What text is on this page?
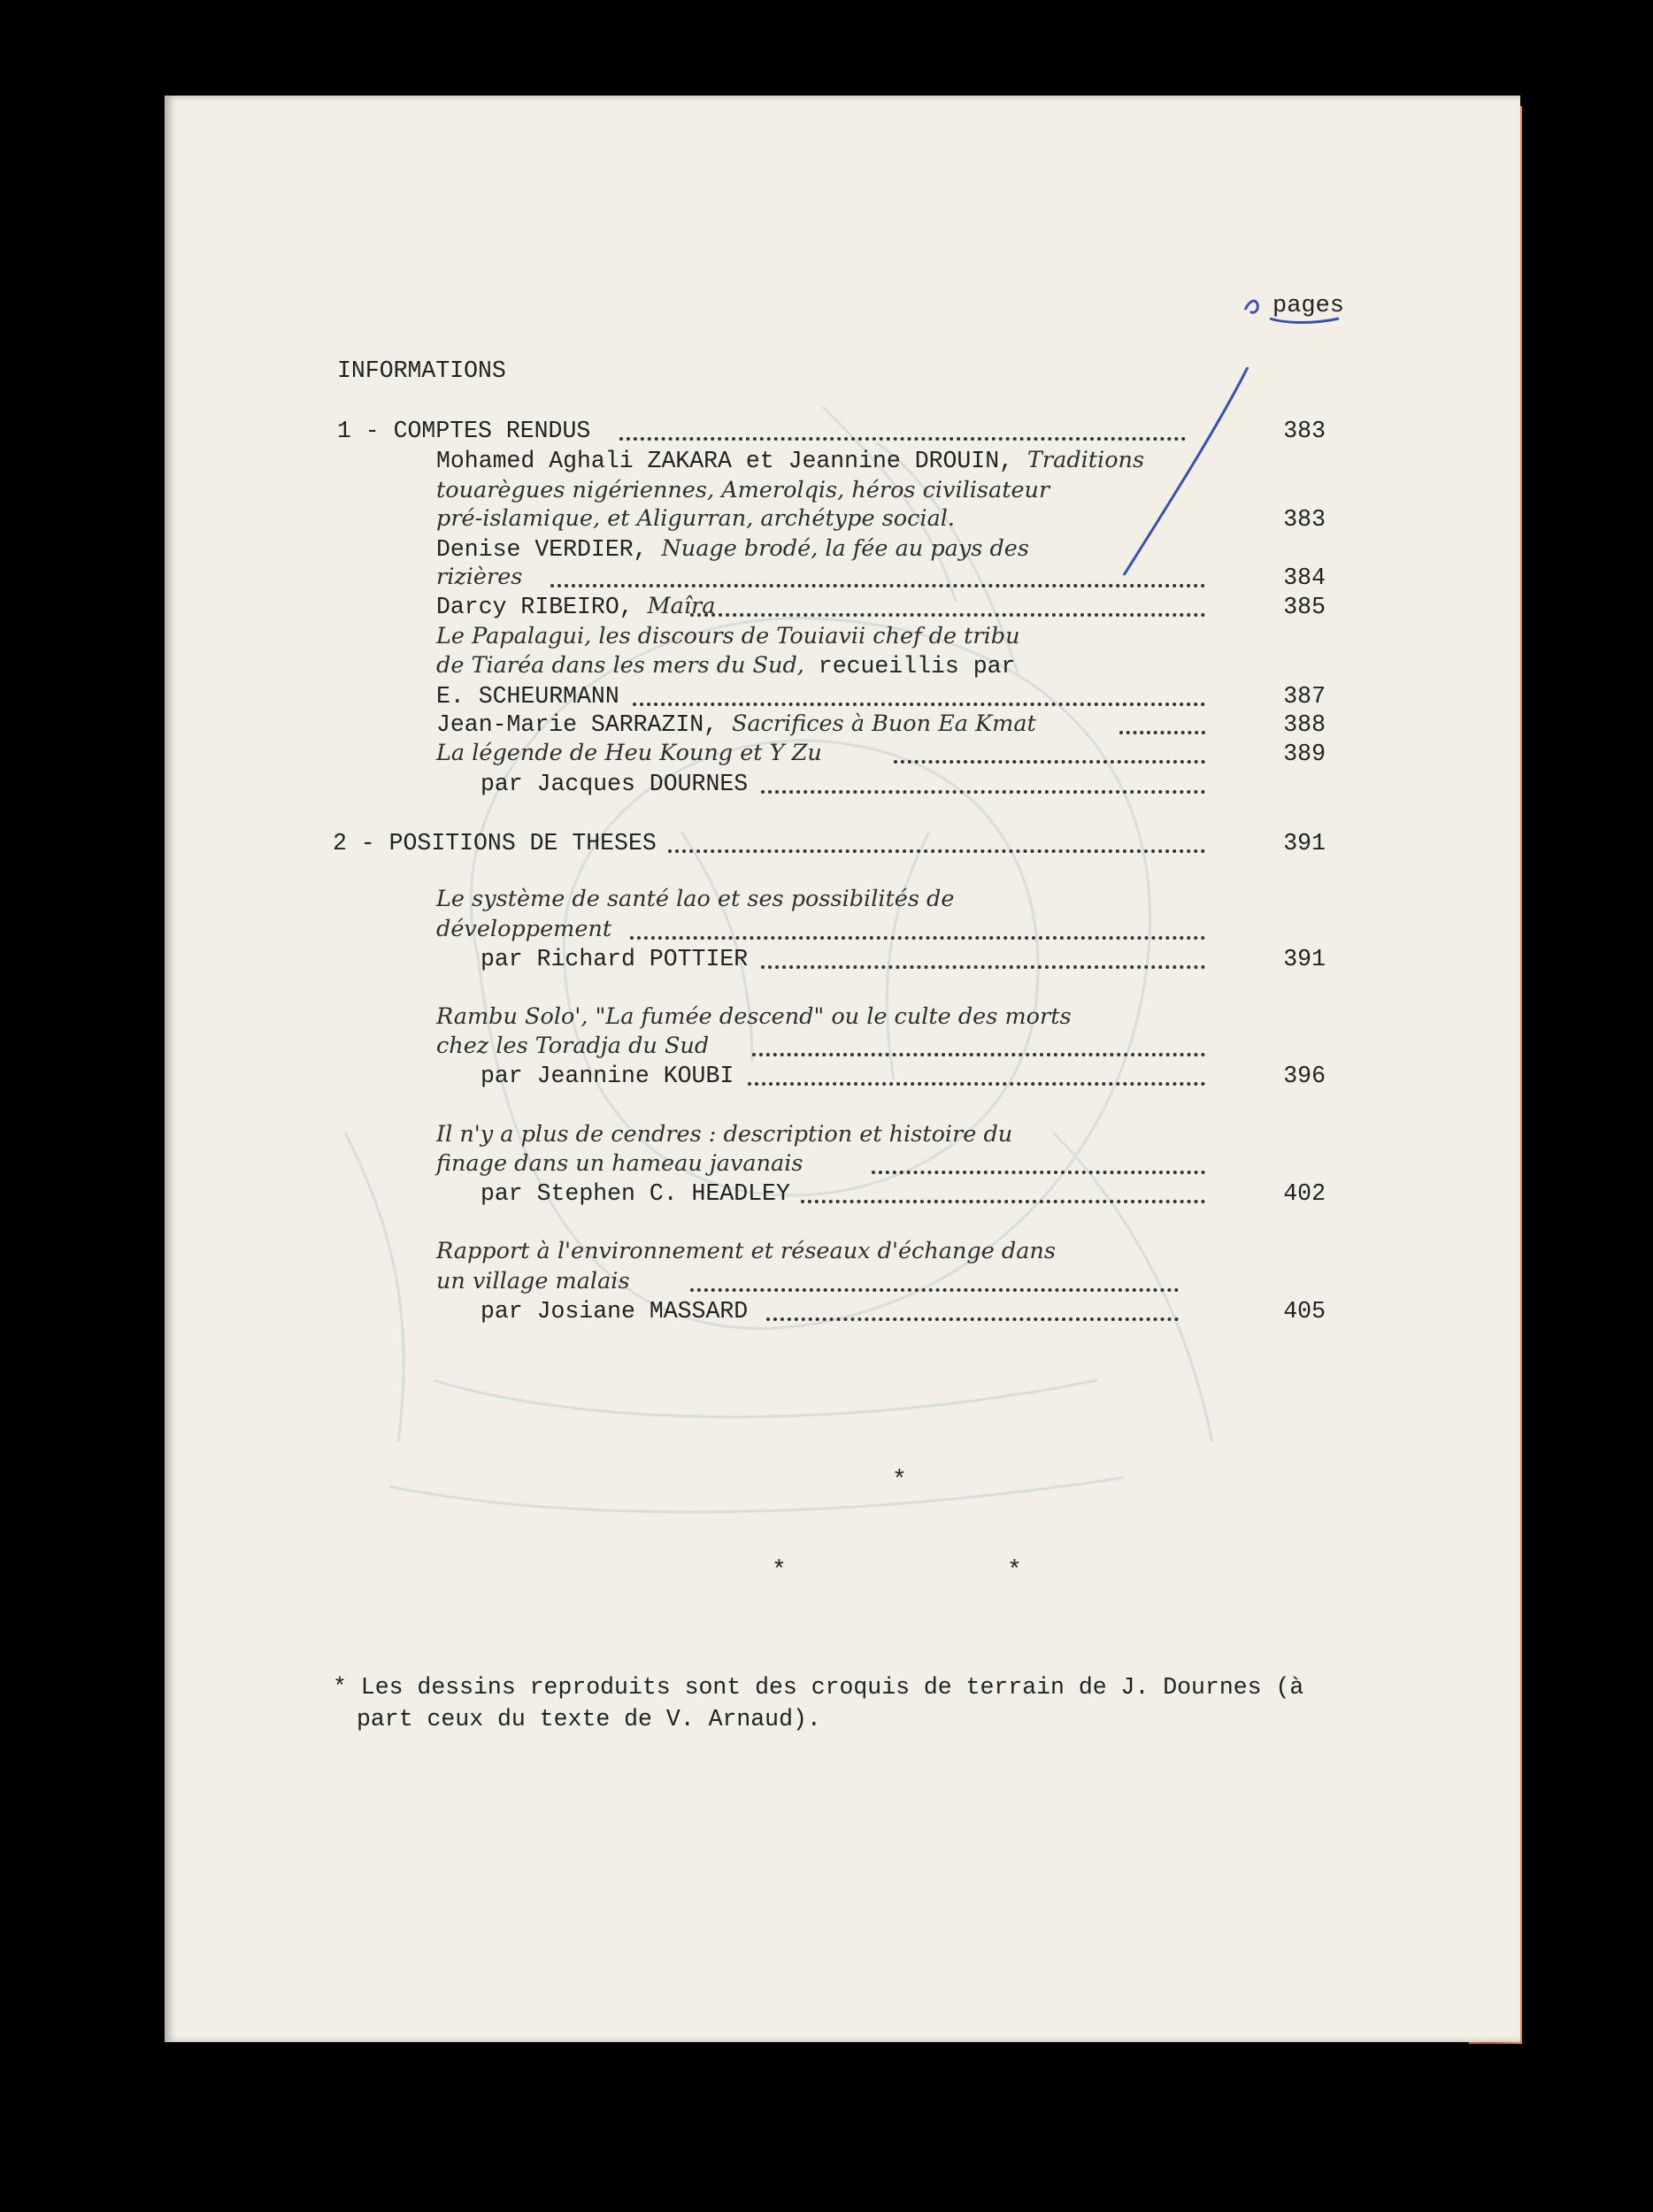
pages
INFORMATIONS
1 - COMPTES RENDUS	383
Mohamed Aghali ZAKARA et Jeannine DROUIN, Traditions
touarègues nigériennes, Amerolqis, héros civilisateur
pré-islamique, et Aligurran, archétype social.	383
Denise VERDIER, Nuage brodé, la fée au pays des
rizières	384
Darcy RIBEIRO, Maîra	385
Le Papalagui, les discours de Touiavii chef de tribu
de Tiaréa dans les mers du Sud, recueillis par
E. SCHEURMANN	387
Jean-Marie SARRAZIN, Sacrifices à Buon Ea Kmat	388
La légende de Heu Koung et Y Zu	389
par Jacques DOURNES
2 - POSITIONS DE THESES	391
Le système de santé lao et ses possibilités de
développement
par Richard POTTIER	391
Rambu Solo', "La fumée descend" ou le culte des morts
chez les Toradja du Sud
par Jeannine KOUBI	396
Il n'y a plus de cendres : description et histoire du
finage dans un hameau javanais
par Stephen C. HEADLEY	402
Rapport à l'environnement et réseaux d'échange dans
un village malais
par Josiane MASSARD	405
*
*	*
* Les dessins reproduits sont des croquis de terrain de J. Dournes (à
part ceux du texte de V. Arnaud).
